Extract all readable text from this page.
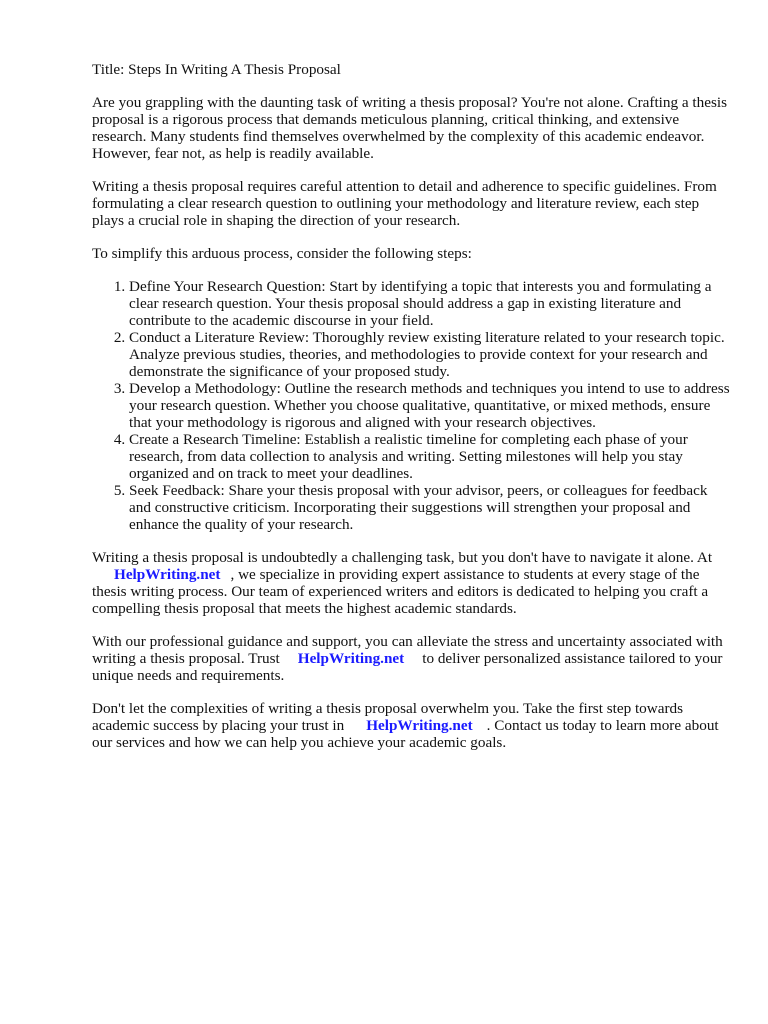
Title: Steps In Writing A Thesis Proposal

Are you grappling with the daunting task of writing a thesis proposal? You're not alone. Crafting a thesis proposal is a rigorous process that demands meticulous planning, critical thinking, and extensive research. Many students find themselves overwhelmed by the complexity of this academic endeavor. However, fear not, as help is readily available.

Writing a thesis proposal requires careful attention to detail and adherence to specific guidelines. From formulating a clear research question to outlining your methodology and literature review, each step plays a crucial role in shaping the direction of your research.

To simplify this arduous process, consider the following steps:

1. Define Your Research Question: Start by identifying a topic that interests you and formulating a clear research question. Your thesis proposal should address a gap in existing literature and contribute to the academic discourse in your field.
2. Conduct a Literature Review: Thoroughly review existing literature related to your research topic. Analyze previous studies, theories, and methodologies to provide context for your research and demonstrate the significance of your proposed study.
3. Develop a Methodology: Outline the research methods and techniques you intend to use to address your research question. Whether you choose qualitative, quantitative, or mixed methods, ensure that your methodology is rigorous and aligned with your research objectives.
4. Create a Research Timeline: Establish a realistic timeline for completing each phase of your research, from data collection to analysis and writing. Setting milestones will help you stay organized and on track to meet your deadlines.
5. Seek Feedback: Share your thesis proposal with your advisor, peers, or colleagues for feedback and constructive criticism. Incorporating their suggestions will strengthen your proposal and enhance the quality of your research.

Writing a thesis proposal is undoubtedly a challenging task, but you don't have to navigate it alone. AtHelpWriting.net , we specialize in providing expert assistance to students at every stage of the thesis writing process. Our team of experienced writers and editors is dedicated to helping you craft a compelling thesis proposal that meets the highest academic standards.

With our professional guidance and support, you can alleviate the stress and uncertainty associated with writing a thesis proposal. Trust HelpWriting.net to deliver personalized assistance tailored to your unique needs and requirements.

Don't let the complexities of writing a thesis proposal overwhelm you. Take the first step towards academic success by placing your trust in HelpWriting.net . Contact us today to learn more about our services and how we can help you achieve your academic goals.
